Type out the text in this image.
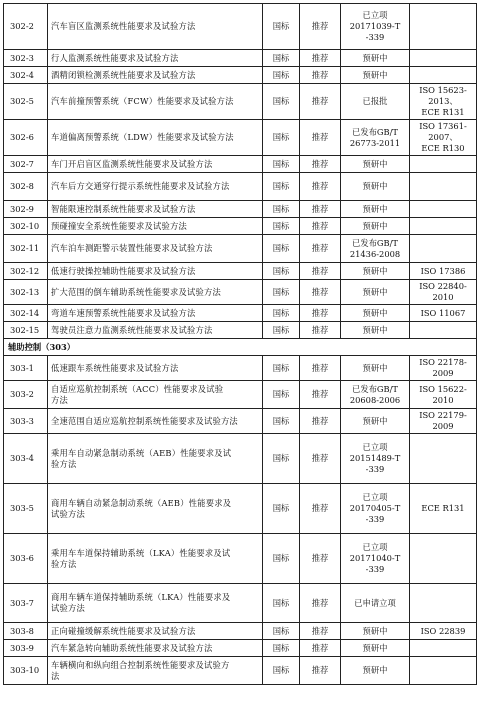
302-2	汽车盲区监测系统性能要求及试验方法	国标	推荐	已立项
20171039-T
-339	
302-3	行人监测系统性能要求及试验方法	国标	推荐	预研中	
302-4	酒精闭锁检测系统性能要求及试验方法	国标	推荐	预研中	
302-5	汽车前撞预警系统（FCW）性能要求及试验方法	国标	推荐	已报批	ISO 15623-2013、
ECE R131
302-6	车道偏离预警系统（LDW）性能要求及试验方法	国标	推荐	已发布GB/T
26773-2011	ISO 17361-2007、
ECE R130
302-7	车门开启盲区监测系统性能要求及试验方法	国标	推荐	预研中	
302-8	汽车后方交通穿行提示系统性能要求及试验方法	国标	推荐	预研中	
302-9	智能限速控制系统性能要求及试验方法	国标	推荐	预研中	
302-10	预碰撞安全系统性能要求及试验方法	国标	推荐	预研中	
302-11	汽车泊车测距警示装置性能要求及试验方法	国标	推荐	已发布GB/T
21436-2008	
302-12	低速行驶操控辅助性能要求及试验方法	国标	推荐	预研中	ISO 17386
302-13	扩大范围的倒车辅助系统性能要求及试验方法	国标	推荐	预研中	ISO 22840-2010
302-14	弯道车速预警系统性能要求及试验方法	国标	推荐	预研中	ISO 11067
302-15	驾驶员注意力监测系统性能要求及试验方法	国标	推荐	预研中	
辅助控制（303）					
303-1	低速跟车系统性能要求及试验方法	国标	推荐	预研中	ISO 22178-2009
303-2	自适应巡航控制系统（ACC）性能要求及试验
方法	国标	推荐	已发布GB/T
20608-2006	ISO 15622-2010
303-3	全速范围自适应巡航控制系统性能要求及试验方法	国标	推荐	预研中	ISO 22179-2009
303-4	乘用车自动紧急制动系统（AEB）性能要求及试
验方法	国标	推荐	已立项
20151489-T
-339	
303-5	商用车辆自动紧急制动系统（AEB）性能要求及
试验方法	国标	推荐	已立项
20170405-T
-339	ECE R131
303-6	乘用车车道保持辅助系统（LKA）性能要求及试
验方法	国标	推荐	已立项
20171040-T
-339	
303-7	商用车辆车道保持辅助系统（LKA）性能要求及
试验方法	国标	推荐	已申请立项	
303-8	正向碰撞缓解系统性能要求及试验方法	国标	推荐	预研中	ISO 22839
303-9	汽车紧急转向辅助系统性能要求及试验方法	国标	推荐	预研中	
303-10	车辆横向和纵向组合控制系统性能要求及试验方
法	国标	推荐	预研中	
